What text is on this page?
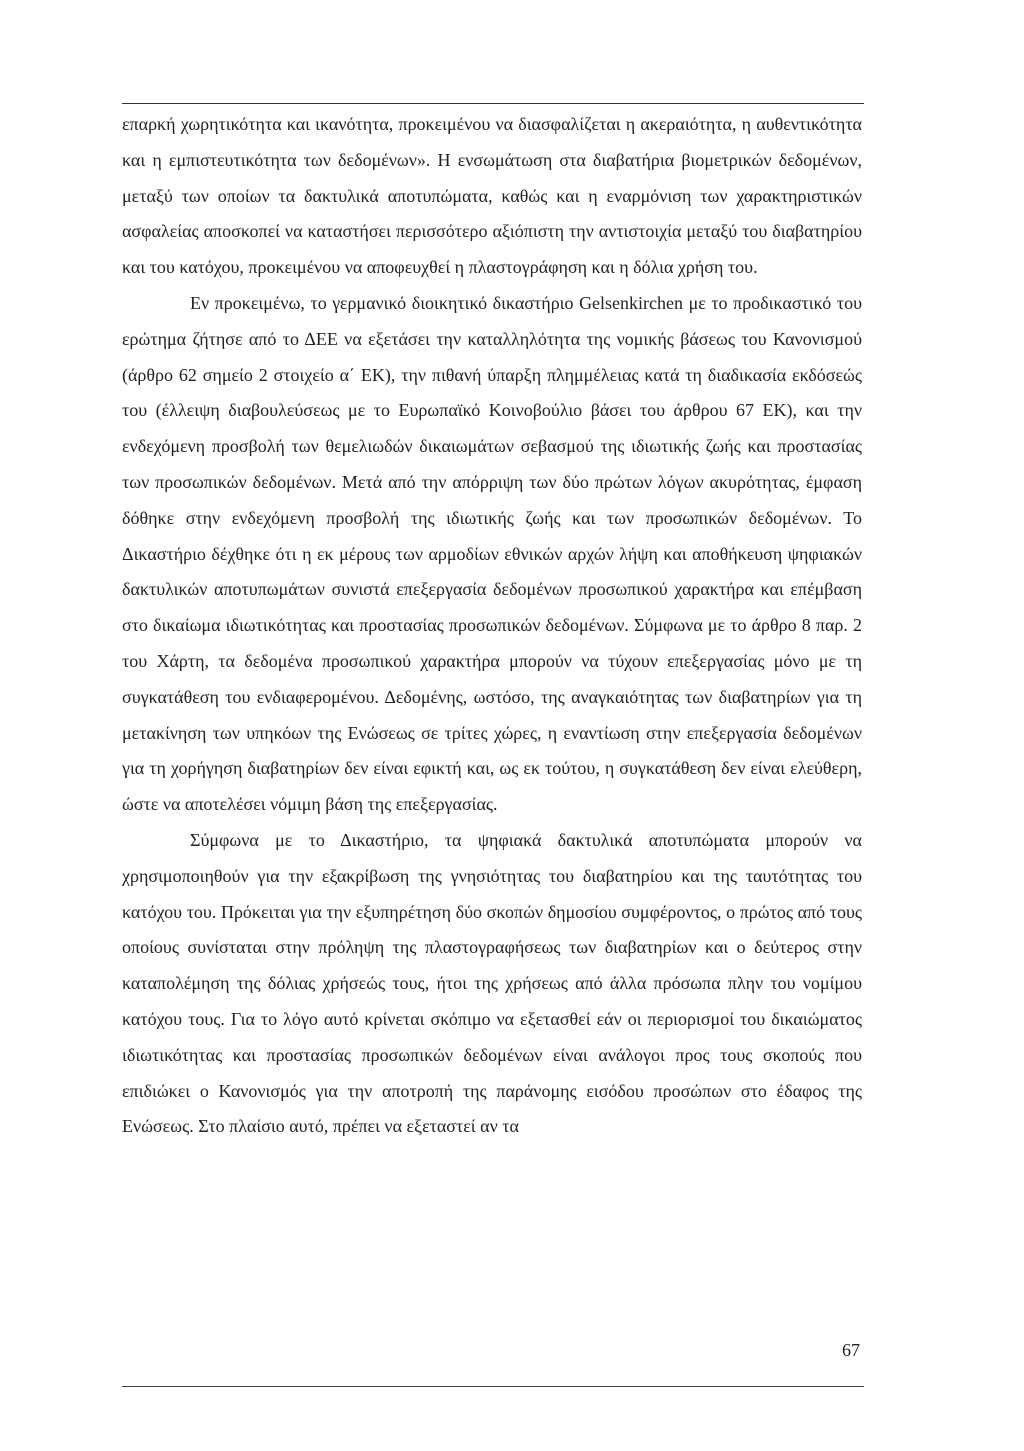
επαρκή χωρητικότητα και ικανότητα, προκειμένου να διασφαλίζεται η ακεραιότητα, η αυθεντικότητα και η εμπιστευτικότητα των δεδομένων». Η ενσωμάτωση στα διαβατήρια βιομετρικών δεδομένων, μεταξύ των οποίων τα δακτυλικά αποτυπώματα, καθώς και η εναρμόνιση των χαρακτηριστικών ασφαλείας αποσκοπεί να καταστήσει περισσότερο αξιόπιστη την αντιστοιχία μεταξύ του διαβατηρίου και του κατόχου, προκειμένου να αποφευχθεί η πλαστογράφηση και η δόλια χρήση του.

Εν προκειμένω, το γερμανικό διοικητικό δικαστήριο Gelsenkirchen με το προδικαστικό του ερώτημα ζήτησε από το ΔΕΕ να εξετάσει την καταλληλότητα της νομικής βάσεως του Κανονισμού (άρθρο 62 σημείο 2 στοιχείο α΄ ΕΚ), την πιθανή ύπαρξη πλημμέλειας κατά τη διαδικασία εκδόσεώς του (έλλειψη διαβουλεύσεως με το Ευρωπαϊκό Κοινοβούλιο βάσει του άρθρου 67 ΕΚ), και την ενδεχόμενη προσβολή των θεμελιωδών δικαιωμάτων σεβασμού της ιδιωτικής ζωής και προστασίας των προσωπικών δεδομένων. Μετά από την απόρριψη των δύο πρώτων λόγων ακυρότητας, έμφαση δόθηκε στην ενδεχόμενη προσβολή της ιδιωτικής ζωής και των προσωπικών δεδομένων. Το Δικαστήριο δέχθηκε ότι η εκ μέρους των αρμοδίων εθνικών αρχών λήψη και αποθήκευση ψηφιακών δακτυλικών αποτυπωμάτων συνιστά επεξεργασία δεδομένων προσωπικού χαρακτήρα και επέμβαση στο δικαίωμα ιδιωτικότητας και προστασίας προσωπικών δεδομένων. Σύμφωνα με το άρθρο 8 παρ. 2 του Χάρτη, τα δεδομένα προσωπικού χαρακτήρα μπορούν να τύχουν επεξεργασίας μόνο με τη συγκατάθεση του ενδιαφερομένου. Δεδομένης, ωστόσο, της αναγκαιότητας των διαβατηρίων για τη μετακίνηση των υπηκόων της Ενώσεως σε τρίτες χώρες, η εναντίωση στην επεξεργασία δεδομένων για τη χορήγηση διαβατηρίων δεν είναι εφικτή και, ως εκ τούτου, η συγκατάθεση δεν είναι ελεύθερη, ώστε να αποτελέσει νόμιμη βάση της επεξεργασίας.

Σύμφωνα με το Δικαστήριο, τα ψηφιακά δακτυλικά αποτυπώματα μπορούν να χρησιμοποιηθούν για την εξακρίβωση της γνησιότητας του διαβατηρίου και της ταυτότητας του κατόχου του. Πρόκειται για την εξυπηρέτηση δύο σκοπών δημοσίου συμφέροντος, ο πρώτος από τους οποίους συνίσταται στην πρόληψη της πλαστογραφήσεως των διαβατηρίων και ο δεύτερος στην καταπολέμηση της δόλιας χρήσεώς τους, ήτοι της χρήσεως από άλλα πρόσωπα πλην του νομίμου κατόχου τους. Για το λόγο αυτό κρίνεται σκόπιμο να εξετασθεί εάν οι περιορισμοί του δικαιώματος ιδιωτικότητας και προστασίας προσωπικών δεδομένων είναι ανάλογοι προς τους σκοπούς που επιδιώκει ο Κανονισμός για την αποτροπή της παράνομης εισόδου προσώπων στο έδαφος της Ενώσεως. Στο πλαίσιο αυτό, πρέπει να εξεταστεί αν τα

67
